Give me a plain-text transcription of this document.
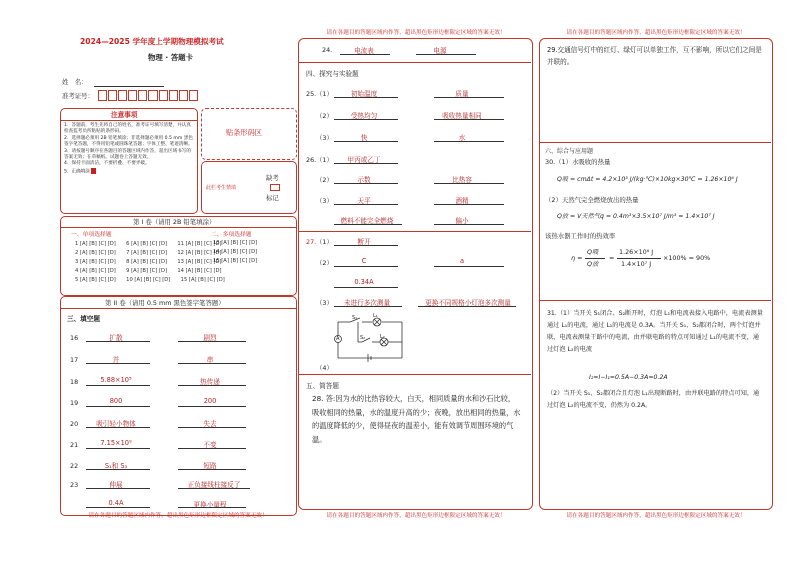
2024—2025 学年度上学期物理模拟考试
物理 · 答题卡
姓　名：
准考证号：
注意事项
1．答题前，考生先将自己的姓名，准考证号填写清楚，并认真检查监考员所粘贴的条形码。
2．选择题必须用 2B 铅笔填涂；非选择题必须用 0.5 mm 黑色签字笔答题，不得用铅笔或圆珠笔答题；字体工整、笔迹清晰。
3．请按题号顺序在各题目的答题区域内作答，超出区域书写的答案无效；在草稿纸、试题卷上答题无效。
4．保持卡面清洁，不要折叠、不要弄破。
5．正确填涂
贴条形码区
缺考
此栏考生禁填
标记
第 I 卷（请用 2B 铅笔填涂）
一、单项选择题	二、多项选择题
1 [A] [B] [C] [D]　　6 [A] [B] [C] [D]　　11 [A] [B] [C] [D]
2 [A] [B] [C] [D]　　7 [A] [B] [C] [D]　　12 [A] [B] [C] [D]
3 [A] [B] [C] [D]　　8 [A] [B] [C] [D]　　13 [A] [B] [C] [D]
4 [A] [B] [C] [D]　　9 [A] [B] [C] [D]　　14 [A] [B] [C] [D]
5 [A] [B] [C] [D]　　10 [A] [B] [C] [D]　　15 [A] [B] [C] [D]
13 [A] [B] [C] [D]
14 [A] [B] [C] [D]
15 [A] [B] [C] [D]
第 II 卷（请用 0.5 mm 黑色签字笔答题）
三、填空题
16	扩散	剧烈
17	并	串
18	5.88×10⁵	热传递
19	800	200
20	吸引轻小物体	失去
21	7.15×10⁹	不变
22	S₁和 S₃	短路
23	伸展	正负接线柱接反了
0.4A	更换小量程
请在各题目的答题区域内作答，超出黑色矩形边框限定区域的答案无效！
请在各题目的答题区域内作答，超出黑色矩形边框限定区域的答案无效！
24.	电流表	电源
四、探究与实验题
25. （1）	初始温度	质量
（2）	受热均匀	吸收热量相同
（3）	快	水
26. （1）	甲丙或乙丁
（2）	示数	比热容
（3）	天平	酒精
燃料不能完全燃烧	偏小
27. （1）	断开
（2）	C	a
0.34A
（3）	未进行多次测量	更换不同规格小灯泡多次测量
S₁	L₁
S₂	L₂
A
（4）
五、简答题
28. 答:因为水的比热容较大，白天，相同质量的水和沙石比较，吸收相同的热量，水的温度升高的少；夜晚，放出相同的热量，水的温度降低的少，使得昼夜的温差小，能有效调节周围环境的气温。
请在各题目的答题区域内作答，超出黑色矩形边框限定区域的答案无效！
请在各题目的答题区域内作答，超出黑色矩形边框限定区域的答案无效！
29.交通信号灯中的红灯、绿灯可以单独工作，互不影响，所以它们之间是并联的。
六、综合与应用题
30.（1）水吸收的热量
Q吸 = cmΔt = 4.2×10³ J/(kg·℃)×10kg×30℃ = 1.26×10⁶ J
（2）天然气完全燃烧放出的热量
Q放 = V天然气q = 0.4m³×3.5×10⁷ J/m³ = 1.4×10⁷ J
该热水器工作时的热效率
η =
Q吸
Q放
=
1.26×10⁶ J
1.4×10⁷ J
×100% = 90%
31.（1）当开关 S₁闭合、S₂断开时，灯泡 L₁和电流表接入电路中，电流表测量通过 L₁的电流，通过 L₁的电流是 0.3A。当开关 S₁、S₂都闭合时，两个灯泡并联，电流表测量干路中的电流，由并联电路的特点可知通过 L₁的电流不变，通过灯泡 L₂的电流
I₂=I−I₁=0.5A−0.3A=0.2A
（2）当开关 S₁、S₂都闭合且灯泡 L₁出现断路时，由并联电路的特点可知，通过灯泡 L₂的电流不变，仍然为 0.2A。
请在各题目的答题区域内作答，超出黑色矩形边框限定区域的答案无效！
